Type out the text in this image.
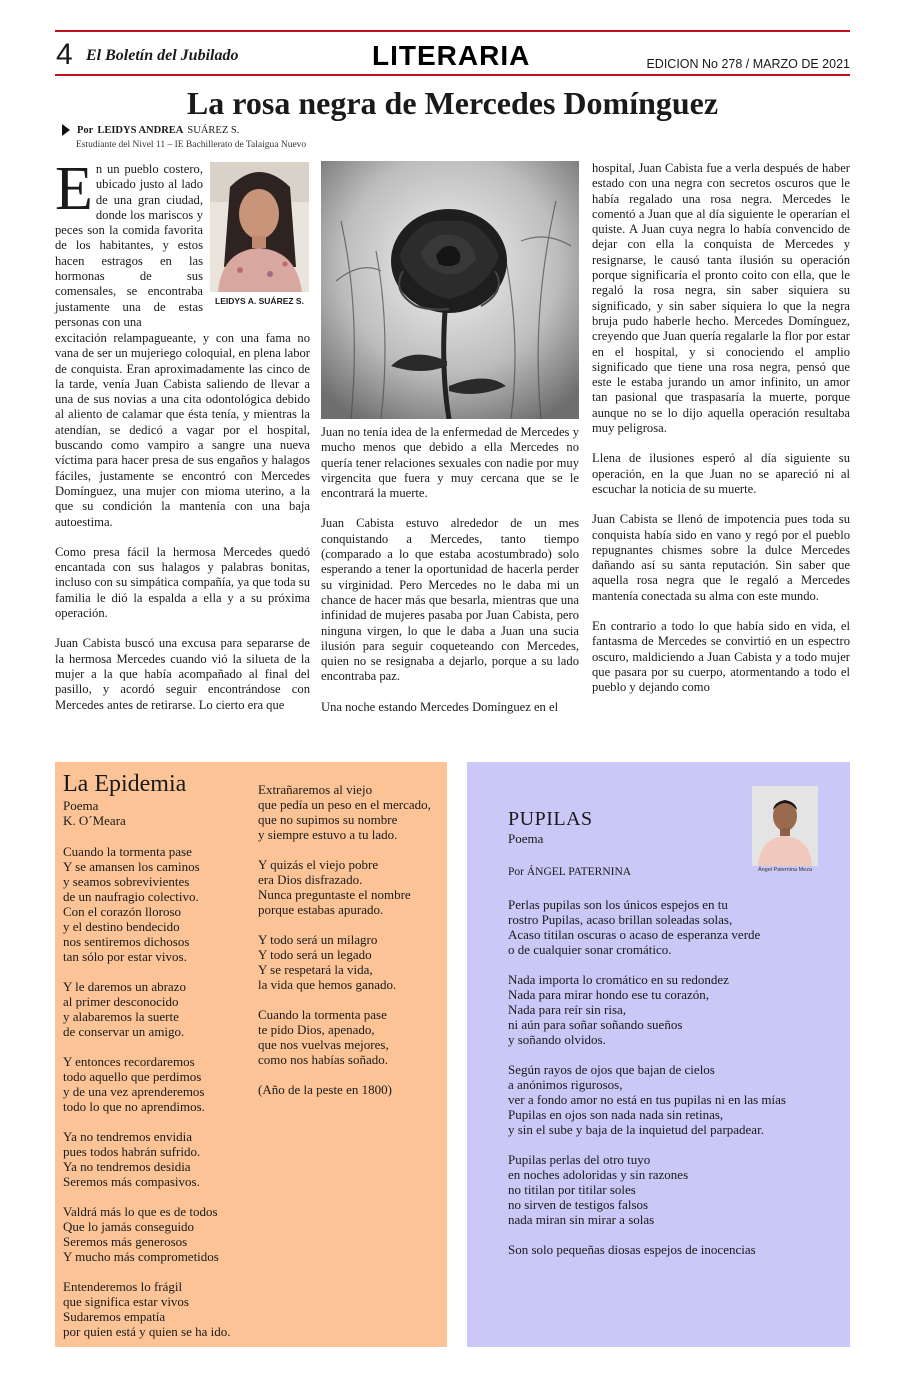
4 El Boletín del Jubilado	LITERARIA	EDICION No 278 / MARZO DE 2021
La rosa negra de Mercedes Domínguez
Por LEIDYS ANDREA SUÁREZ S.
Estudiante del Nivel 11 – IE Bachillerato de Talaigua Nuevo
En un pueblo costero, ubicado justo al lado de una gran ciudad, donde los mariscos y peces son la comida favorita de los habitantes, y estos hacen estragos en las hormonas de sus comensales, se encontraba justamente una de estas personas con una
LEIDYS A. SUÁREZ S.

excitación relampagueante, y con una fama no vana de ser un mujeriego coloquial, en plena labor de conquista. Eran aproximadamente las cinco de la tarde, venía Juan Cabista saliendo de llevar a una de sus novias a una cita odontológica debido al aliento de calamar que ésta tenía, y mientras la atendían, se dedicó a vagar por el hospital, buscando como vampiro a sangre una nueva víctima para hacer presa de sus engaños y halagos fáciles, justamente se encontró con Mercedes Domínguez, una mujer con mioma uterino, a la que su condición la mantenía con una baja autoestima.

Como presa fácil la hermosa Mercedes quedó encantada con sus halagos y palabras bonitas, incluso con su simpática compañía, ya que toda su familia le dió la espalda a ella y a su próxima operación.

Juan Cabista buscó una excusa para separarse de la hermosa Mercedes cuando vió la silueta de la mujer a la que había acompañado al final del pasillo, y acordó seguir encontrándose con Mercedes antes de retirarse. Lo cierto era que

Juan no tenía idea de la enfermedad de Mercedes y mucho menos que debido a ella Mercedes no quería tener relaciones sexuales con nadie por muy virgencita que fuera y muy cercana que se le encontrará la muerte.

Juan Cabista estuvo alrededor de un mes conquistando a Mercedes, tanto tiempo (comparado a lo que estaba acostumbrado) solo esperando a tener la oportunidad de hacerla perder su virginidad. Pero Mercedes no le daba mi un chance de hacer más que besarla, mientras que una infinidad de mujeres pasaba por Juan Cabista, pero ninguna virgen, lo que le daba a Juan una sucia ilusión para seguir coqueteando con Mercedes, quien no se resignaba a dejarlo, porque a su lado encontraba paz.

Una noche estando Mercedes Domínguez en el

hospital, Juan Cabista fue a verla después de haber estado con una negra con secretos oscuros que le había regalado una rosa negra. Mercedes le comentó a Juan que al día siguiente le operarían el quiste. A Juan cuya negra lo había convencido de dejar con ella la conquista de Mercedes y resignarse, le causó tanta ilusión su operación porque significaría el pronto coito con ella, que le regaló la rosa negra, sin saber siquiera su significado, y sin saber siquiera lo que la negra bruja pudo haberle hecho. Mercedes Domínguez, creyendo que Juan quería regalarle la flor por estar en el hospital, y si conociendo el amplio significado que tiene una rosa negra, pensó que este le estaba jurando un amor infinito, un amor tan pasional que traspasaría la muerte, porque aunque no se lo dijo aquella operación resultaba muy peligrosa.

Llena de ilusiones esperó al día siguiente su operación, en la que Juan no se apareció ni al escuchar la noticia de su muerte.

Juan Cabista se llenó de impotencia pues toda su conquista había sido en vano y regó por el pueblo repugnantes chismes sobre la dulce Mercedes dañando así su santa reputación. Sin saber que aquella rosa negra que le regaló a Mercedes mantenía conectada su alma con este mundo.

En contrario a todo lo que había sido en vida, el fantasma de Mercedes se convirtió en un espectro oscuro, maldiciendo a Juan Cabista y a todo mujer que pasara por su cuerpo, atormentando a todo el pueblo y dejando como

La Epidemia
Poema
K. O´Meara
Cuando la tormenta pase
Y se amansen los caminos
y seamos sobrevivientes
de un naufragio colectivo.
Con el corazón lloroso
y el destino bendecido
nos sentiremos dichosos
tan sólo por estar vivos.

Y le daremos un abrazo
al primer desconocido
y alabaremos la suerte
de conservar un amigo.

Y entonces recordaremos
todo aquello que perdimos
y de una vez aprenderemos
todo lo que no aprendimos.

Ya no tendremos envidia
pues todos habrán sufrido.
Ya no tendremos desidia
Seremos más compasivos.

Valdrá más lo que es de todos
Que lo jamás conseguido
Seremos más generosos
Y mucho más comprometidos

Entenderemos lo frágil
que significa estar vivos
Sudaremos empatía
por quien está y quien se ha ido.
Extrañaremos al viejo
que pedía un peso en el mercado,
que no supimos su nombre
y siempre estuvo a tu lado.

Y quizás el viejo pobre
era Dios disfrazado.
Nunca preguntaste el nombre
porque estabas apurado.

Y todo será un milagro
Y todo será un legado
Y se respetará la vida,
la vida que hemos ganado.

Cuando la tormenta pase
te pido Dios, apenado,
que nos vuelvas mejores,
como nos habías soñado.

(Año de la peste en 1800)
PUPILAS
Poema
Por ÁNGEL PATERNINA	Ángel Paternina Meza
Perlas pupilas son los únicos espejos en tu
rostro Pupilas, acaso brillan soleadas solas,
Acaso titilan oscuras o acaso de esperanza verde
o de cualquier sonar cromático.

Nada importa lo cromático en su redondez
Nada para mirar hondo ese tu corazón,
Nada para reír sin risa,
ni aún para soñar soñando sueños
y soñando olvidos.

Según rayos de ojos que bajan de cielos
a anónimos rigurosos,
ver a fondo amor no está en tus pupilas ni en las mías
Pupilas en ojos son nada nada sin retinas,
y sin el sube y baja de la inquietud del parpadear.

Pupilas perlas del otro tuyo
en noches adoloridas y sin razones
no titilan por titilar soles
no sirven de testigos falsos
nada miran sin mirar a solas

Son solo pequeñas diosas espejos de inocencias
